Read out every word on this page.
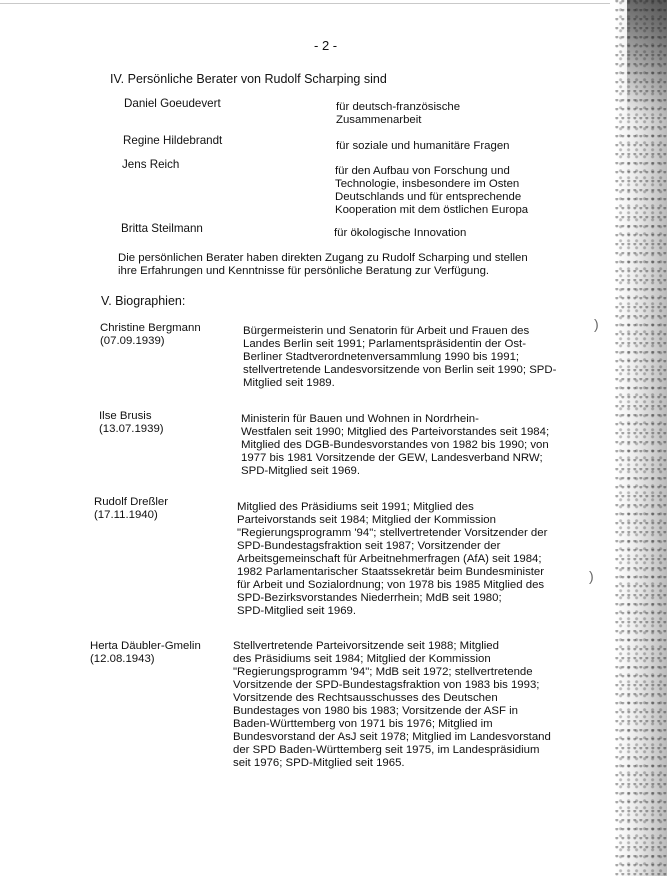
)
)
- 2 -
IV. Persönliche Berater von Rudolf Scharping sind
Daniel Goeudevert	für deutsch-französische
Zusammenarbeit
Regine Hildebrandt	für soziale und humanitäre Fragen
Jens Reich	für den Aufbau von Forschung und
Technologie, insbesondere im Osten
Deutschlands und für entsprechende
Kooperation mit dem östlichen Europa
Britta Steilmann	für ökologische Innovation
Die persönlichen Berater haben direkten Zugang zu Rudolf Scharping und stellen
ihre Erfahrungen und Kenntnisse für persönliche Beratung zur Verfügung.
V. Biographien:
Christine Bergmann
(07.09.1939)
Bürgermeisterin und Senatorin für Arbeit und Frauen des
Landes Berlin seit 1991; Parlamentspräsidentin der Ost-
Berliner Stadtverordnetenversammlung 1990 bis 1991;
stellvertretende Landesvorsitzende von Berlin seit 1990; SPD-
Mitglied seit 1989.
Ilse Brusis
(13.07.1939)
Ministerin für Bauen und Wohnen in Nordrhein-
Westfalen seit 1990; Mitglied des Parteivorstandes seit 1984;
Mitglied des DGB-Bundesvorstandes von 1982 bis 1990; von
1977 bis 1981 Vorsitzende der GEW, Landesverband NRW;
SPD-Mitglied seit 1969.
Rudolf Dreßler
(17.11.1940)
Mitglied des Präsidiums seit 1991; Mitglied des
Parteivorstands seit 1984; Mitglied der Kommission
"Regierungsprogramm '94"; stellvertretender Vorsitzender der
SPD-Bundestagsfraktion seit 1987; Vorsitzender der
Arbeitsgemeinschaft für Arbeitnehmerfragen (AfA) seit 1984;
1982 Parlamentarischer Staatssekretär beim Bundesminister
für Arbeit und Sozialordnung; von 1978 bis 1985 Mitglied des
SPD-Bezirksvorstandes Niederrhein; MdB seit 1980;
SPD-Mitglied seit 1969.
Herta Däubler-Gmelin
(12.08.1943)
Stellvertretende Parteivorsitzende seit 1988; Mitglied
des Präsidiums seit 1984; Mitglied der Kommission
"Regierungsprogramm '94"; MdB seit 1972; stellvertretende
Vorsitzende der SPD-Bundestagsfraktion von 1983 bis 1993;
Vorsitzende des Rechtsausschusses des Deutschen
Bundestages von 1980 bis 1983; Vorsitzende der ASF in
Baden-Württemberg von 1971 bis 1976; Mitglied im
Bundesvorstand der AsJ seit 1978; Mitglied im Landesvorstand
der SPD Baden-Württemberg seit 1975, im Landespräsidium
seit 1976; SPD-Mitglied seit 1965.
